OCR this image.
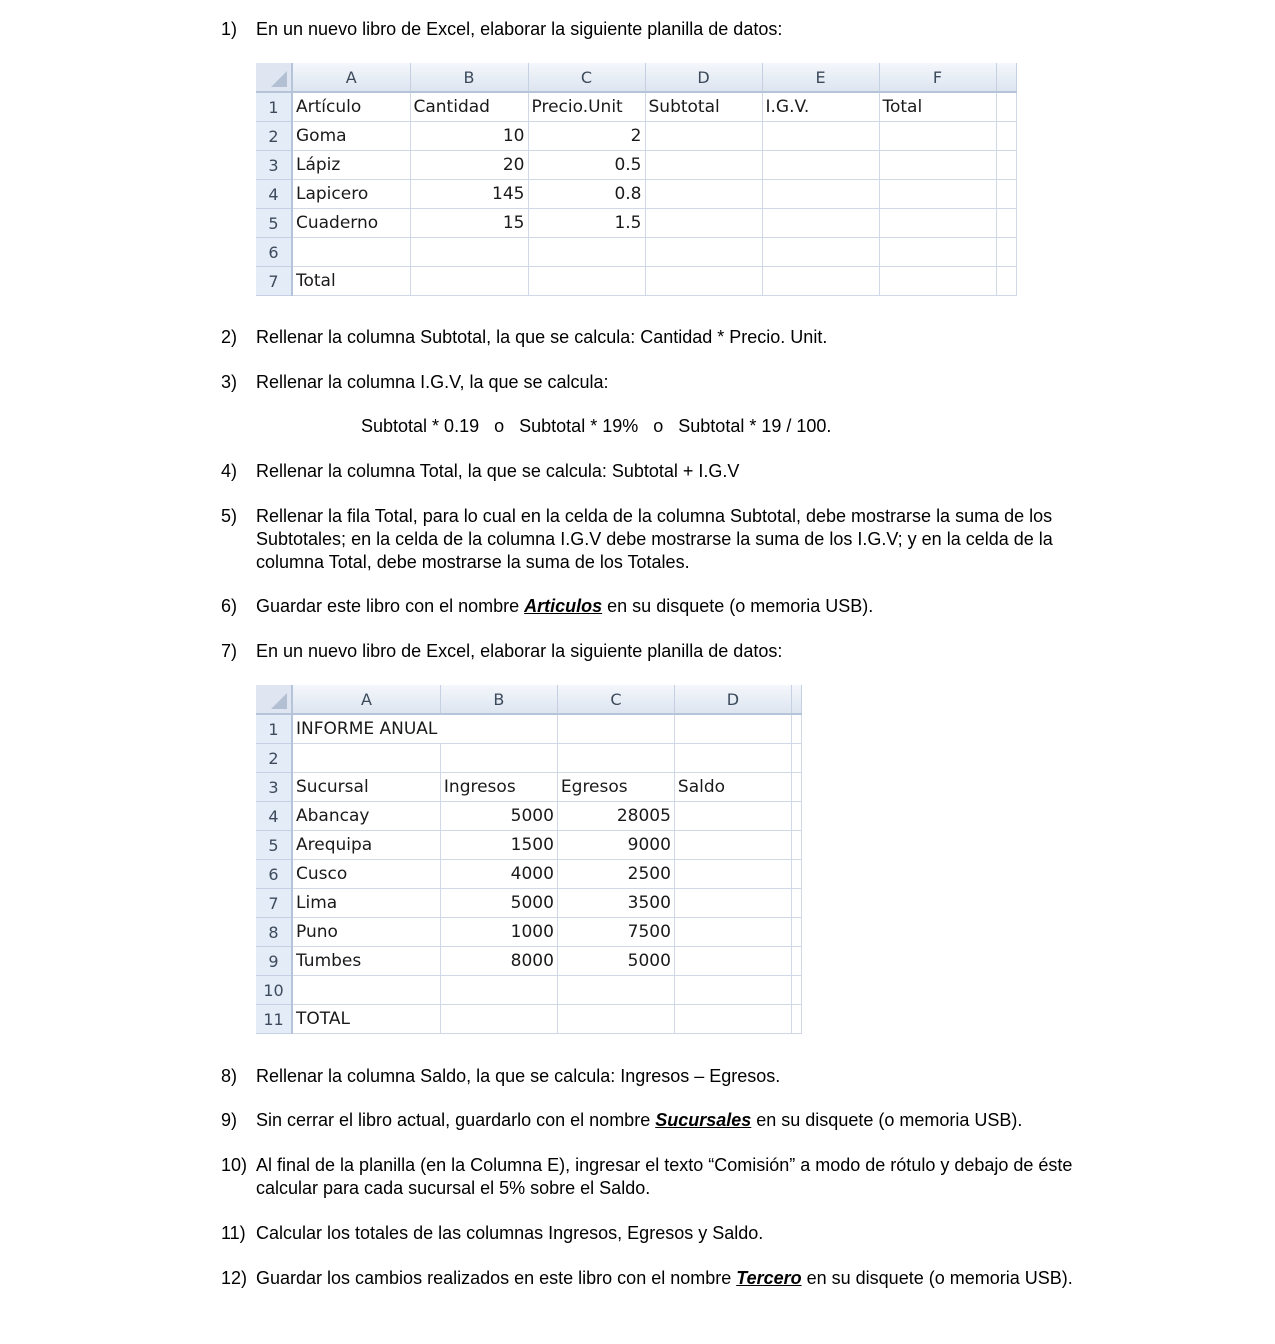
1) En un nuevo libro de Excel, elaborar la siguiente planilla de datos:
	A	B	C	D	E	F	
1	Artículo	Cantidad	Precio.Unit	Subtotal	I.G.V.	Total	
2	Goma	10	2				
3	Lápiz	20	0.5				
4	Lapicero	145	0.8				
5	Cuaderno	15	1.5				
6							
7	Total						
2) Rellenar la columna Subtotal, la que se calcula: Cantidad * Precio. Unit.
3) Rellenar la columna I.G.V, la que se calcula:
Subtotal * 0.19 o Subtotal * 19% o Subtotal * 19 / 100.
4) Rellenar la columna Total, la que se calcula: Subtotal + I.G.V
5) Rellenar la fila Total, para lo cual en la celda de la columna Subtotal, debe mostrarse la suma de los Subtotales; en la celda de la columna I.G.V debe mostrarse la suma de los I.G.V; y en la celda de la columna Total, debe mostrarse la suma de los Totales.
6) Guardar este libro con el nombre Articulos en su disquete (o memoria USB).
7) En un nuevo libro de Excel, elaborar la siguiente planilla de datos:
	A	B	C	D	
1	INFORME ANUAL				
2					
3	Sucursal	Ingresos	Egresos	Saldo	
4	Abancay	5000	28005		
5	Arequipa	1500	9000		
6	Cusco	4000	2500		
7	Lima	5000	3500		
8	Puno	1000	7500		
9	Tumbes	8000	5000		
10					
11	TOTAL				
8) Rellenar la columna Saldo, la que se calcula: Ingresos – Egresos.
9) Sin cerrar el libro actual, guardarlo con el nombre Sucursales en su disquete (o memoria USB).
10) Al final de la planilla (en la Columna E), ingresar el texto “Comisión” a modo de rótulo y debajo de éste calcular para cada sucursal el 5% sobre el Saldo.
11) Calcular los totales de las columnas Ingresos, Egresos y Saldo.
12) Guardar los cambios realizados en este libro con el nombre Tercero en su disquete (o memoria USB).
